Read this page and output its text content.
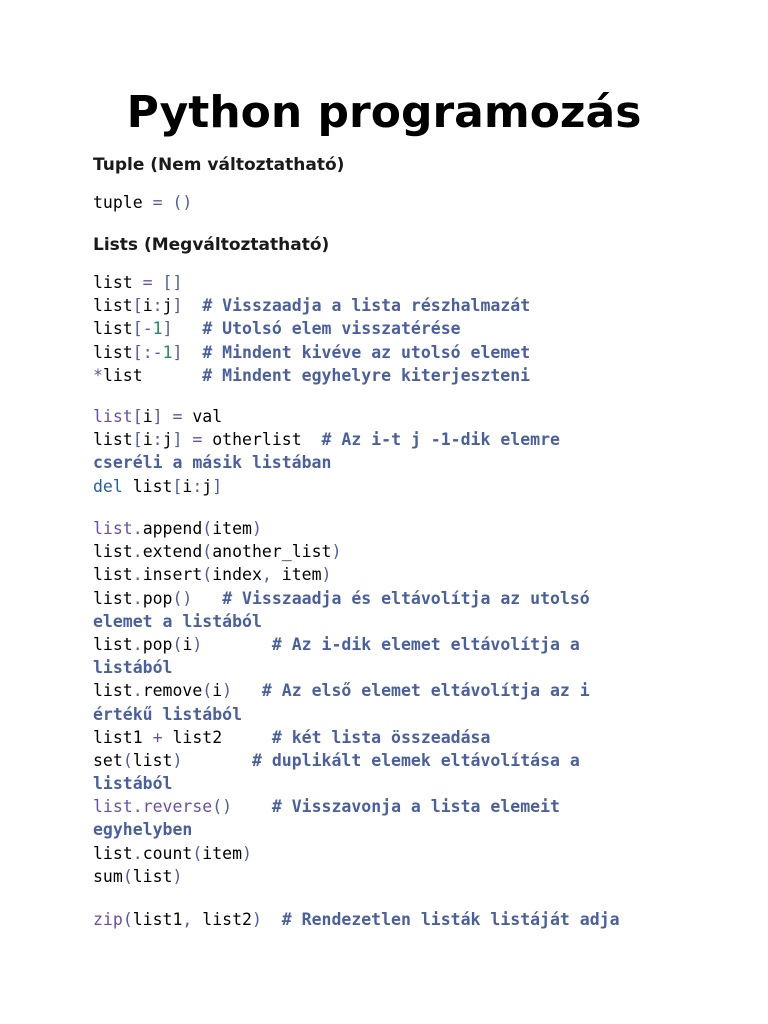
Python programozás
Tuple (Nem változtatható)
tuple = ()
Lists (Megváltoztatható)
list = []
list[i:j] # Visszaadja a lista részhalmazát
list[-1] # Utolsó elem visszatérése
list[:-1] # Mindent kivéve az utolsó elemet
*list	# Mindent egyhelyre kiterjeszteni
list[i] = val
list[i:j] = otherlist  # Az i-t j -1-dik elemre
cseréli a másik listában
del list[i:j]
list.append(item)
list.extend(another_list)
list.insert(index, item)
list.pop() # Visszaadja és eltávolítja az utolsó
elemet a listából
list.pop(i)	# Az i-dik elemet eltávolítja a
listából
list.remove(i) # Az első elemet eltávolítja az i
értékű listából
list1 + list2     # két lista összeadása
set(list)	# duplikált elemek eltávolítása a
listából
list.reverse() # Visszavonja a lista elemeit
egyhelyben
list.count(item)
sum(list)
zip(list1, list2) # Rendezetlen listák listáját adja
